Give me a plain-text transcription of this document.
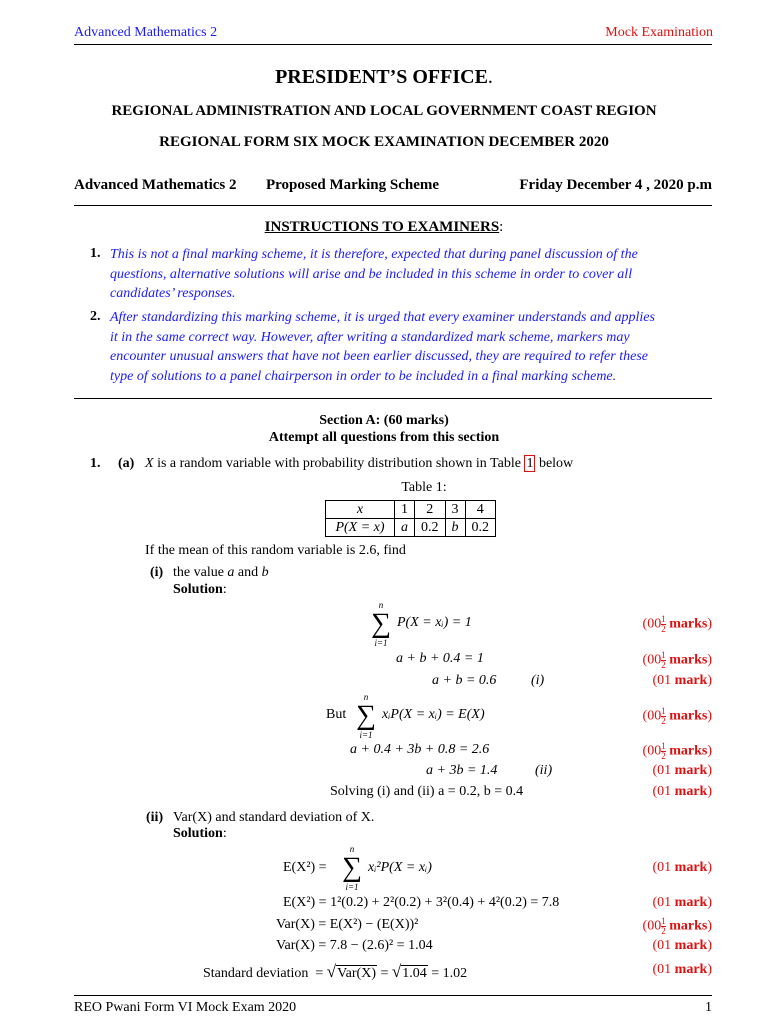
Advanced Mathematics 2	Mock Examination
PRESIDENT’S OFFICE.
REGIONAL ADMINISTRATION AND LOCAL GOVERNMENT COAST REGION
REGIONAL FORM SIX MOCK EXAMINATION DECEMBER 2020
Advanced Mathematics 2 Proposed Marking Scheme	Friday December 4 , 2020 p.m
INSTRUCTIONS TO EXAMINERS:
1. This is not a final marking scheme, it is therefore, expected that during panel discussion of the
questions, alternative solutions will arise and be included in this scheme in order to cover all
candidates’ responses.
2. After standardizing this marking scheme, it is urged that every examiner understands and applies
it in the same correct way. However, after writing a standardized mark scheme, markers may
encounter unusual answers that have not been earlier discussed, they are required to refer these
type of solutions to a panel chairperson in order to be included in a final marking scheme.
Section A: (60 marks)
Attempt all questions from this section
1. (a) X is a random variable with probability distribution shown in Table 1 below
Table 1:
x	1	2	3	4
P(X = x)	a	0.2	b	0.2
If the mean of this random variable is 2.6, find
(i) the value a and b
Solution:
n
∑
i=1
P(X = xᵢ) = 1	($00 \frac{1}{2}$ marks)
a + b + 0.4 = 1	($00 \frac{1}{2}$ marks)
a + b = 0.6 (i)	(01 mark)
But
n
∑
i=1
xᵢP(X = xᵢ) = E(X)	($00 \frac{1}{2}$ marks)
a + 0.4 + 3b + 0.8 = 2.6	($00 \frac{1}{2}$ marks)
a + 3b = 1.4	(ii)	(01 mark)
Solving (i) and (ii) a = 0.2, b = 0.4	(01 mark)
(ii) Var(X) and standard deviation of X.
Solution:
E(X²) =
n
∑
i=1
xᵢ²P(X = xᵢ)	(01 mark)
E(X²) = 1²(0.2) + 2²(0.2) + 3²(0.4) + 4²(0.2) = 7.8	(01 mark)
Var(X) = E(X²) − (E(X))²	($00 \frac{1}{2}$ marks)
Var(X) = 7.8 − (2.6)² = 1.04	(01 mark)
Standard deviation = √Var(X) = √1.04 = 1.02	(01 mark)
REO Pwani Form VI Mock Exam 2020	1
